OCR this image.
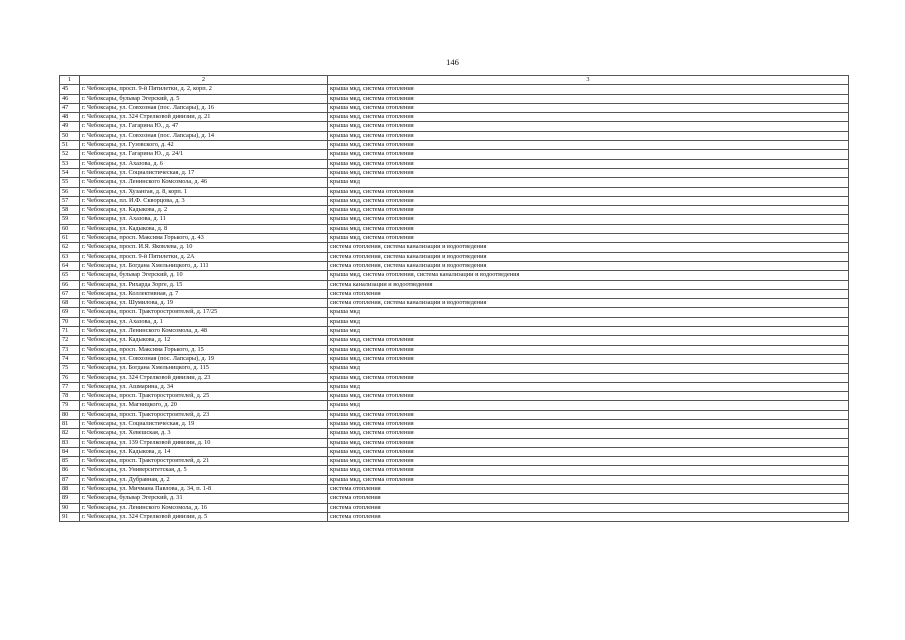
146
1	2	3
45	г. Чебоксары, просп. 9-й Пятилетки, д. 2, корп. 2	крыша мкд, система отопления
46	г. Чебоксары, бульвар Эгерский, д. 5	крыша мкд, система отопления
47	г. Чебоксары, ул. Совхозная (пос. Лапсары), д. 16	крыша мкд, система отопления
48	г. Чебоксары, ул. 324 Стрелковой дивизии, д. 21	крыша мкд, система отопления
49	г. Чебоксары, ул. Гагарина Ю., д. 47	крыша мкд, система отопления
50	г. Чебоксары, ул. Совхозная (пос. Лапсары), д. 14	крыша мкд, система отопления
51	г. Чебоксары, ул. Гузовского, д. 42	крыша мкд, система отопления
52	г. Чебоксары, ул. Гагарина Ю., д. 24/1	крыша мкд, система отопления
53	г. Чебоксары, ул. Ахазова, д. 6	крыша мкд, система отопления
54	г. Чебоксары, ул. Социалистическая, д. 17	крыша мкд, система отопления
55	г. Чебоксары, ул. Ленинского Комсомола, д. 46	крыша мкд
56	г. Чебоксары, ул. Хузангая, д. 8, корп. 1	крыша мкд, система отопления
57	г. Чебоксары, пл. И.Ф. Скворцова, д. 3	крыша мкд, система отопления
58	г. Чебоксары, ул. Кадыкова, д. 2	крыша мкд, система отопления
59	г. Чебоксары, ул. Ахазова, д. 11	крыша мкд, система отопления
60	г. Чебоксары, ул. Кадыкова, д. 8	крыша мкд, система отопления
61	г. Чебоксары, просп. Максима Горького, д. 43	крыша мкд, система отопления
62	г. Чебоксары, просп. И.Я. Яковлева, д. 10	система отопления, система канализации и водоотведения
63	г. Чебоксары, просп. 9-й Пятилетки, д. 2А	система отопления, система канализации и водоотведения
64	г. Чебоксары, ул. Богдана Хмельницкого, д. 111	система отопления, система канализации и водоотведения
65	г. Чебоксары, бульвар Эгерский, д. 10	крыша мкд, система отопления, система канализации и водоотведения
66	г. Чебоксары, ул. Рихарда Зорге, д. 15	система канализации и водоотведения
67	г. Чебоксары, ул. Коллективная, д. 7	система отопления
68	г. Чебоксары, ул. Шумилова, д. 19	система отопления, система канализации и водоотведения
69	г. Чебоксары, просп. Тракторостроителей, д. 17/25	крыша мкд
70	г. Чебоксары, ул. Ахазова, д. 1	крыша мкд
71	г. Чебоксары, ул. Ленинского Комсомола, д. 48	крыша мкд
72	г. Чебоксары, ул. Кадыкова, д. 12	крыша мкд, система отопления
73	г. Чебоксары, просп. Максима Горького, д. 15	крыша мкд, система отопления
74	г. Чебоксары, ул. Совхозная (пос. Лапсары), д. 19	крыша мкд, система отопления
75	г. Чебоксары, ул. Богдана Хмельницкого, д. 115	крыша мкд
76	г. Чебоксары, ул. 324 Стрелковой дивизии, д. 23	крыша мкд, система отопления
77	г. Чебоксары, ул. Ашмарина, д. 34	крыша мкд
78	г. Чебоксары, просп. Тракторостроителей, д. 25	крыша мкд, система отопления
79	г. Чебоксары, ул. Магницкого, д. 20	крыша мкд
80	г. Чебоксары, просп. Тракторостроителей, д. 23	крыша мкд, система отопления
81	г. Чебоксары, ул. Социалистическая, д. 19	крыша мкд, система отопления
82	г. Чебоксары, ул. Хевешская, д. 3	крыша мкд, система отопления
83	г. Чебоксары, ул. 139 Стрелковой дивизии, д. 10	крыша мкд, система отопления
84	г. Чебоксары, ул. Кадыкова, д. 14	крыша мкд, система отопления
85	г. Чебоксары, просп. Тракторостроителей, д. 21	крыша мкд, система отопления
86	г. Чебоксары, ул. Университетская, д. 5	крыша мкд, система отопления
87	г. Чебоксары, ул. Дубравная, д. 2	крыша мкд, система отопления
88	г. Чебоксары, ул. Мичмана Павлова, д. 34, п. 1-8	система отопления
89	г. Чебоксары, бульвар Эгерский, д. 31	система отопления
90	г. Чебоксары, ул. Ленинского Комсомола, д. 16	система отопления
91	г. Чебоксары, ул. 324 Стрелковой дивизии, д. 5	система отопления
